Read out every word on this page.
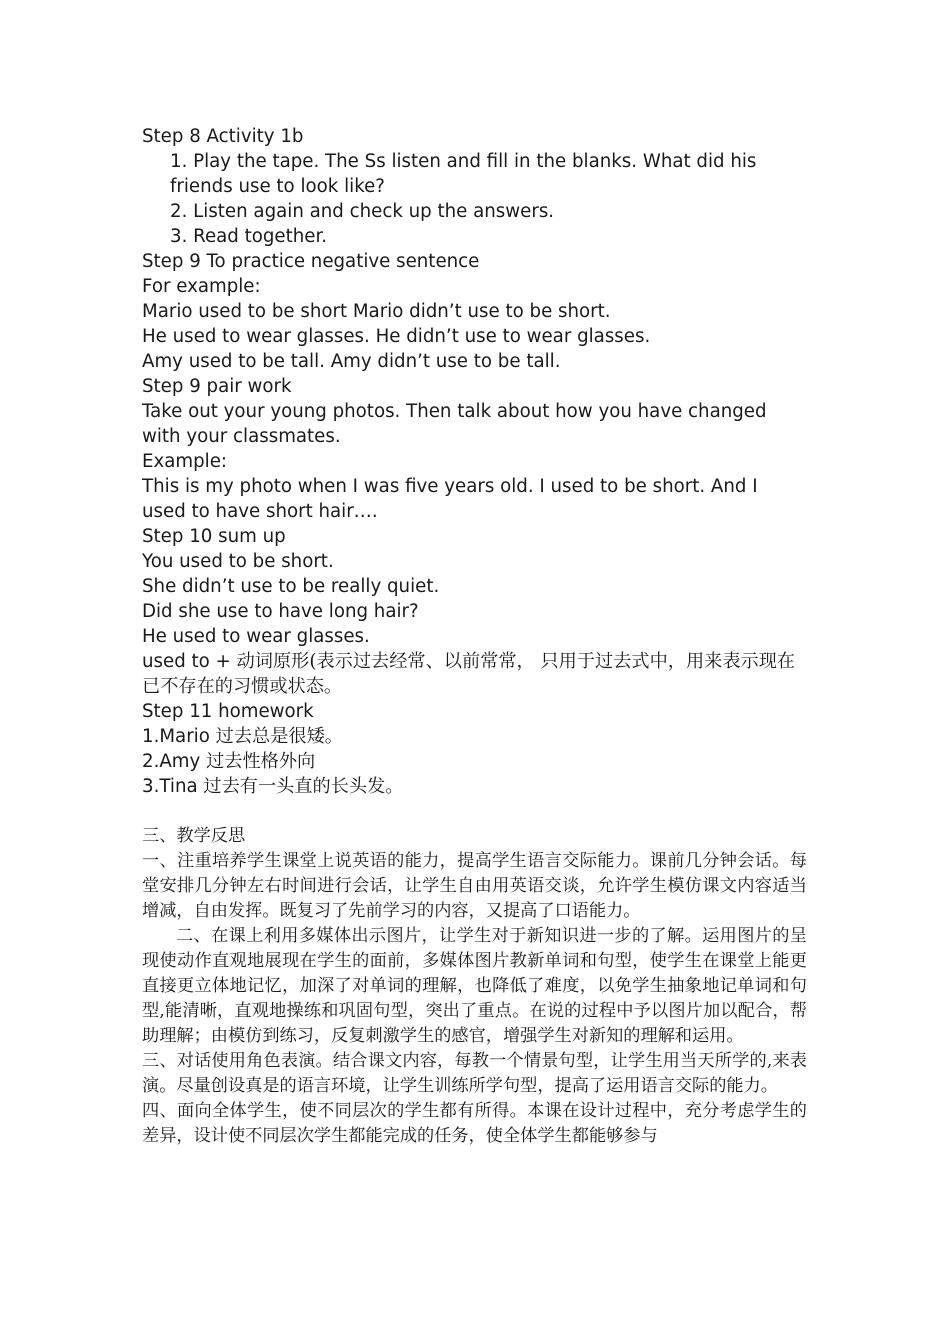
Step 8 Activity 1b

1. Play the tape. The Ss listen and fill in the blanks. What did his friends use to look like?

2. Listen again and check up the answers.

3. Read together.

Step 9 To practice negative sentence

For example:

Mario used to be short Mario didn’t use to be short.

He used to wear glasses. He didn’t use to wear glasses.

Amy used to be tall. Amy didn’t use to be tall.

Step 9 pair work

Take out your young photos. Then talk about how you have changed with your classmates.

Example:

This is my photo when I was five years old. I used to be short. And I used to have short hair….

Step 10 sum up

You used to be short.

She didn’t use to be really quiet.

Did she use to have long hair?

He used to wear glasses.

used to + 动词原形(表示过去经常、以前常常， 只用于过去式中，用来表示现在已不存在的习惯或状态。

Step 11 homework

1.Mario 过去总是很矮。

2.Amy 过去性格外向

3.Tina 过去有一头直的长头发。

三、教学反思

一、注重培养学生课堂上说英语的能力，提高学生语言交际能力。课前几分钟会话。每堂安排几分钟左右时间进行会话，让学生自由用英语交谈，允许学生模仿课文内容适当增减，自由发挥。既复习了先前学习的内容，又提高了口语能力。

二、在课上利用多媒体出示图片，让学生对于新知识进一步的了解。运用图片的呈现使动作直观地展现在学生的面前，多媒体图片教新单词和句型，使学生在课堂上能更直接更立体地记忆，加深了对单词的理解，也降低了难度，以免学生抽象地记单词和句型,能清晰，直观地操练和巩固句型，突出了重点。在说的过程中予以图片加以配合，帮助理解；由模仿到练习，反复刺激学生的感官，增强学生对新知的理解和运用。

三、对话使用角色表演。结合课文内容，每教一个情景句型，让学生用当天所学的,来表演。尽量创设真是的语言环境，让学生训练所学句型，提高了运用语言交际的能力。

四、面向全体学生，使不同层次的学生都有所得。本课在设计过程中，充分考虑学生的差异，设计使不同层次学生都能完成的任务，使全体学生都能够参与
